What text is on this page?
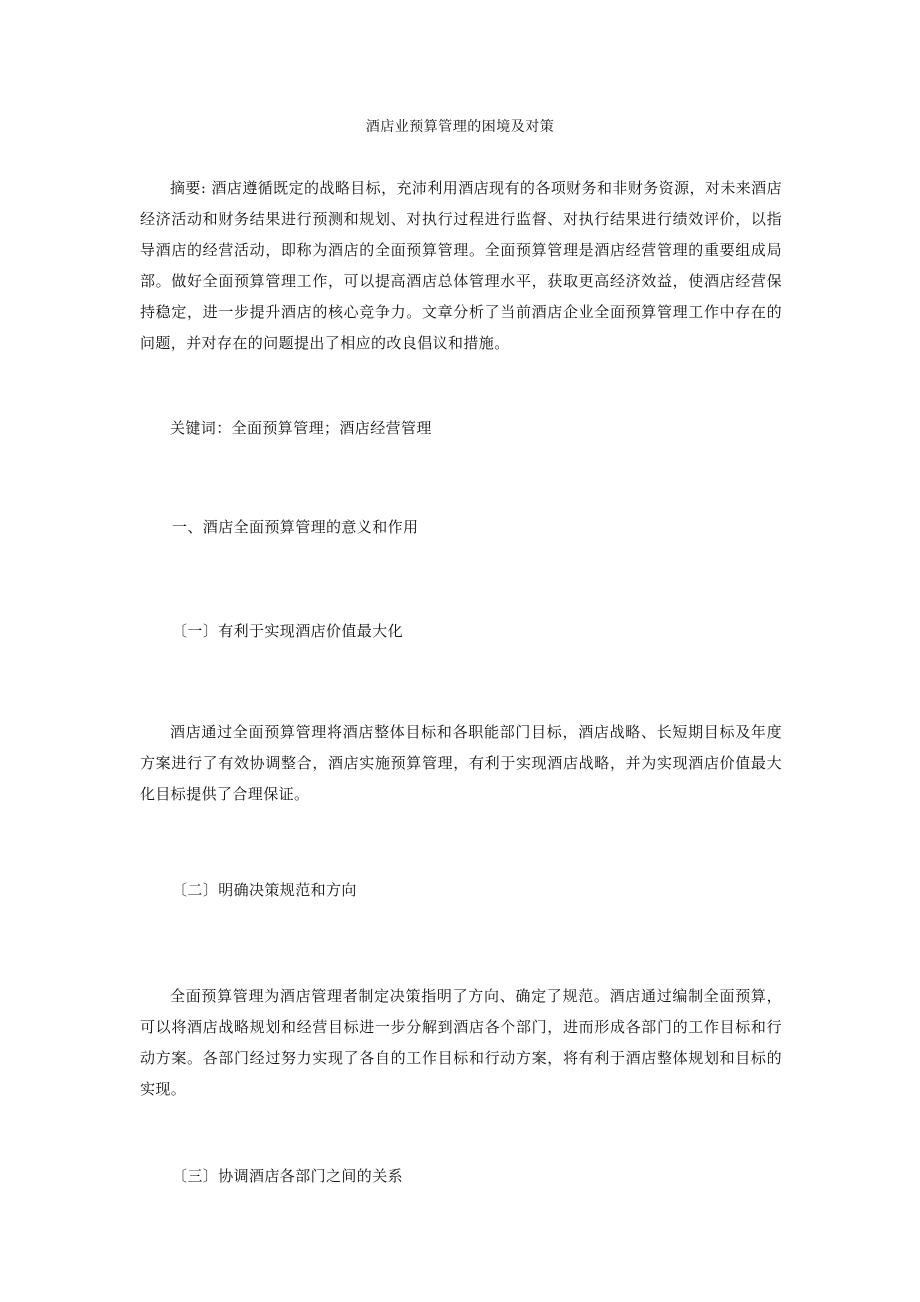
酒店业预算管理的困境及对策

摘要: 酒店遵循既定的战略目标，充沛利用酒店现有的各项财务和非财务资源，对未来酒店经济活动和财务结果进行预测和规划、对执行过程进行监督、对执行结果进行绩效评价，以指导酒店的经营活动，即称为酒店的全面预算管理。全面预算管理是酒店经营管理的重要组成局部。做好全面预算管理工作，可以提高酒店总体管理水平，获取更高经济效益，使酒店经营保持稳定，进一步提升酒店的核心竞争力。文章分析了当前酒店企业全面预算管理工作中存在的问题，并对存在的问题提出了相应的改良倡议和措施。

关键词：全面预算管理；酒店经营管理

一、酒店全面预算管理的意义和作用

〔一〕有利于实现酒店价值最大化

酒店通过全面预算管理将酒店整体目标和各职能部门目标，酒店战略、长短期目标及年度方案进行了有效协调整合，酒店实施预算管理，有利于实现酒店战略，并为实现酒店价值最大化目标提供了合理保证。

〔二〕明确决策规范和方向

全面预算管理为酒店管理者制定决策指明了方向、确定了规范。酒店通过编制全面预算，可以将酒店战略规划和经营目标进一步分解到酒店各个部门，进而形成各部门的工作目标和行动方案。各部门经过努力实现了各自的工作目标和行动方案，将有利于酒店整体规划和目标的实现。

〔三〕协调酒店各部门之间的关系
